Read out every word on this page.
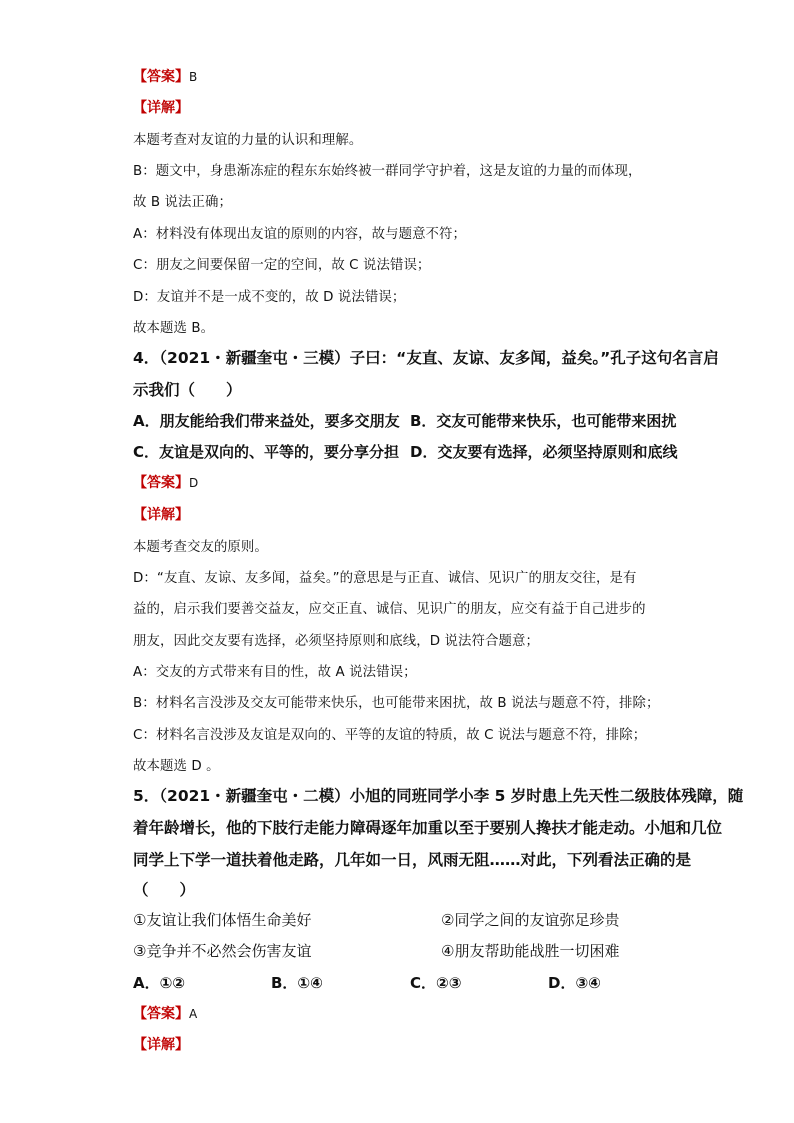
【答案】B
【详解】
本题考查对友谊的力量的认识和理解。
B：题文中，身患渐冻症的程东东始终被一群同学守护着，这是友谊的力量的而体现，
故 B 说法正确；
A：材料没有体现出友谊的原则的内容，故与题意不符；
C：朋友之间要保留一定的空间，故 C 说法错误；
D：友谊并不是一成不变的，故 D 说法错误；
故本题选 B。
4．（2021・新疆奎屯・三模）子曰：“友直、友谅、友多闻，益矣。”孔子这句名言启
示我们（　　）
A．朋友能给我们带来益处，要多交朋友 B．交友可能带来快乐，也可能带来困扰
C．友谊是双向的、平等的，要分享分担 D．交友要有选择，必须坚持原则和底线
【答案】D
【详解】
本题考查交友的原则。
D：“友直、友谅、友多闻，益矣。”的意思是与正直、诚信、见识广的朋友交往，是有
益的，启示我们要善交益友，应交正直、诚信、见识广的朋友，应交有益于自己进步的
朋友，因此交友要有选择，必须坚持原则和底线，D 说法符合题意；
A：交友的方式带来有目的性，故 A 说法错误；
B：材料名言没涉及交友可能带来快乐，也可能带来困扰，故 B 说法与题意不符，排除；
C：材料名言没涉及友谊是双向的、平等的友谊的特质，故 C 说法与题意不符，排除；
故本题选 D 。
5．（2021・新疆奎屯・二模）小旭的同班同学小李 5 岁时患上先天性二级肢体残障，随
着年龄增长，他的下肢行走能力障碍逐年加重以至于要别人搀扶才能走动。小旭和几位
同学上下学一道扶着他走路，几年如一日，风雨无阻……对此，下列看法正确的是
（　　）
①友谊让我们体悟生命美好	②同学之间的友谊弥足珍贵
③竞争并不必然会伤害友谊	④朋友帮助能战胜一切困难
A．①②	B．①④	C．②③	D．③④
【答案】A
【详解】
